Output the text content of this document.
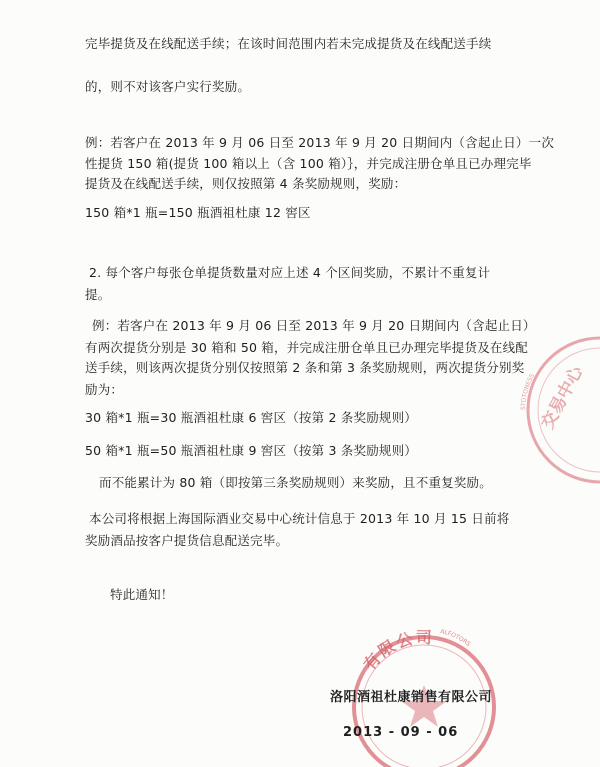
完毕提货及在线配送手续；在该时间范围内若未完成提货及在线配送手续
的，则不对该客户实行奖励。
例：若客户在 2013 年 9 月 06 日至 2013 年 9 月 20 日期间内（含起止日）一次
性提货 150 箱(提货 100 箱以上（含 100 箱）｝，并完成注册仓单且已办理完毕
提货及在线配送手续，则仅按照第 4 条奖励规则，奖励：
150 箱*1 瓶=150 瓶酒祖杜康 12 窖区
2. 每个客户每张仓单提货数量对应上述 4 个区间奖励，不累计不重复计
提。
例：若客户在 2013 年 9 月 06 日至 2013 年 9 月 20 日期间内（含起止日）
有两次提货分别是 30 箱和 50 箱，并完成注册仓单且已办理完毕提货及在线配
送手续，则该两次提货分别仅按照第 2 条和第 3 条奖励规则，两次提货分别奖
励为：
30 箱*1 瓶=30 瓶酒祖杜康 6 窖区（按第 2 条奖励规则）
50 箱*1 瓶=50 瓶酒祖杜康 9 窖区（按第 3 条奖励规则）
而不能累计为 80 箱（即按第三条奖励规则）来奖励，且不重复奖励。
本公司将根据上海国际酒业交易中心统计信息于 2013 年 10 月 15 日前将
奖励酒品按客户提货信息配送完毕。
特此通知！
STOTONESS 交易中心
有限公司 ALFOTORS
洛阳酒祖杜康销售有限公司
2013 - 09 - 06
